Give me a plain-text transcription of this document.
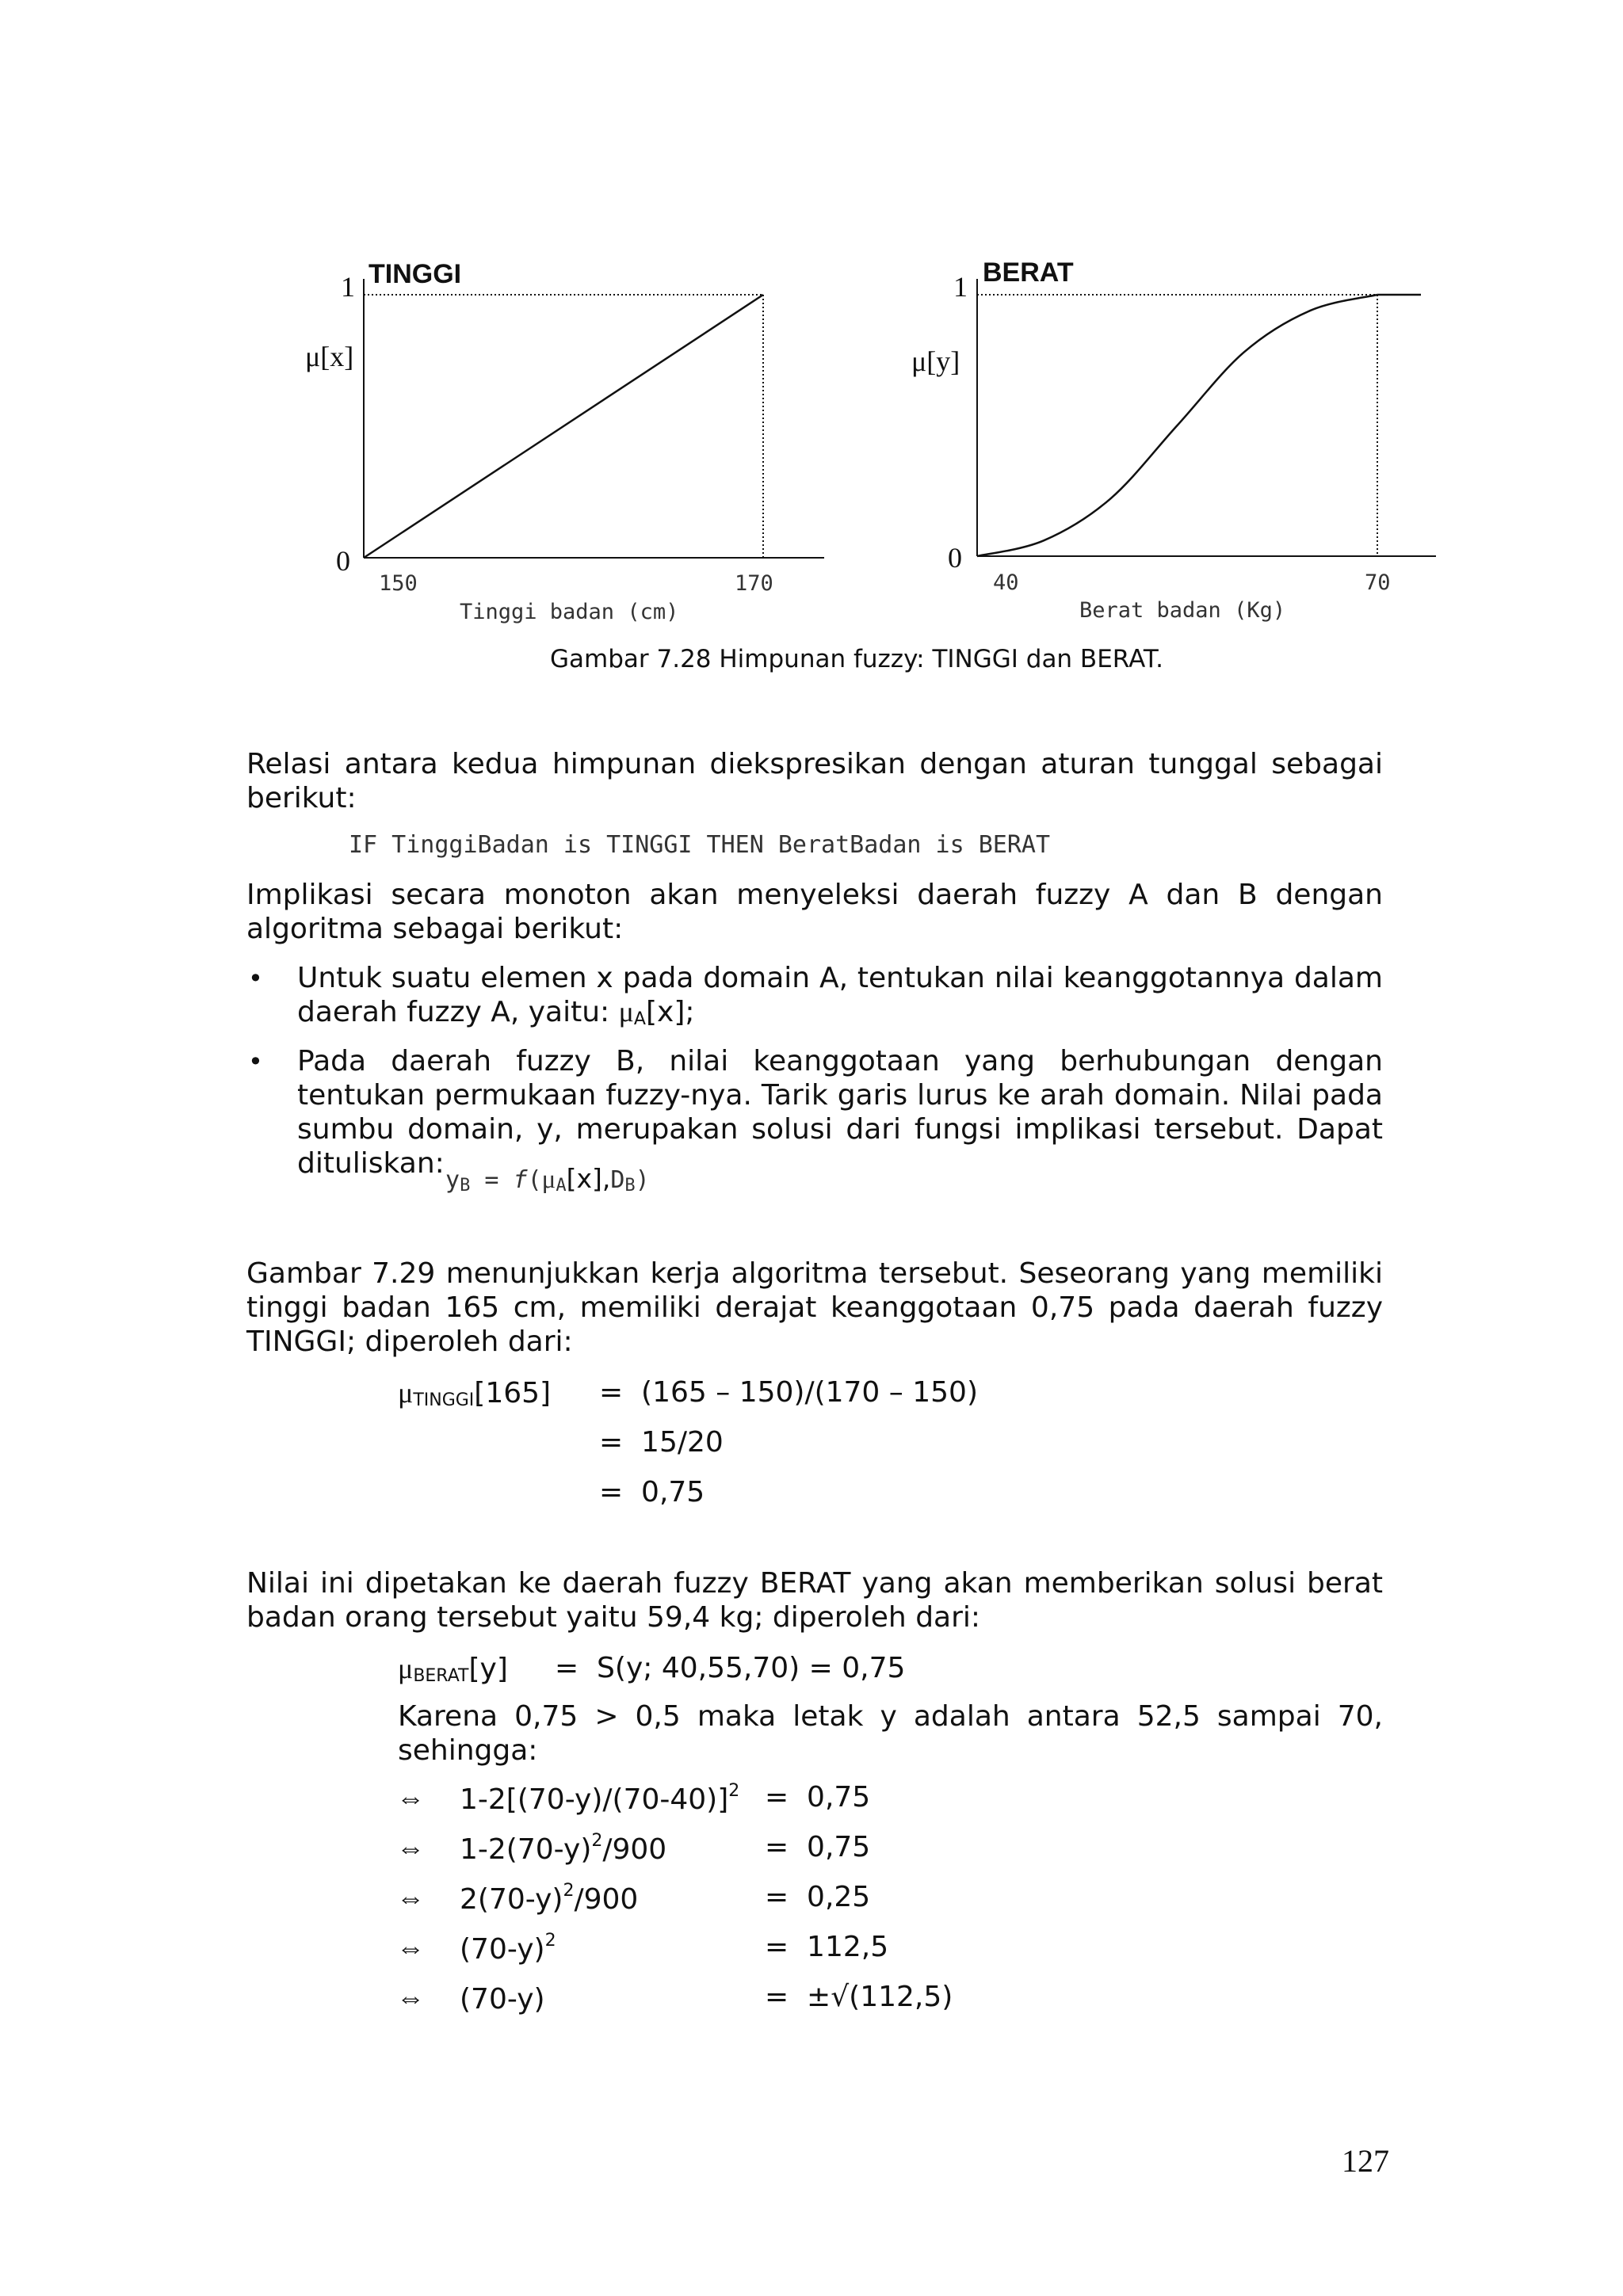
TINGGI
1
μ[x]
0
150	170
Tinggi badan (cm)
BERAT
1
μ[y]
0
40	70
Berat badan (Kg)
Gambar 7.28 Himpunan fuzzy: TINGGI dan BERAT.
Relasi antara kedua himpunan diekspresikan dengan aturan tunggal sebagai berikut:
IF TinggiBadan is TINGGI THEN BeratBadan is BERAT
Implikasi secara monoton akan menyeleksi daerah fuzzy A dan B dengan algoritma sebagai berikut:
• Untuk suatu elemen x pada domain A, tentukan nilai keanggotannya dalam daerah fuzzy A, yaitu: μA[x];
• Pada daerah fuzzy B, nilai keanggotaan yang berhubungan dengan tentukan permukaan fuzzy-nya. Tarik garis lurus ke arah domain. Nilai pada sumbu domain, y, merupakan solusi dari fungsi implikasi tersebut. Dapat dituliskan:
yB = f(μA[x],DB)
Gambar 7.29 menunjukkan kerja algoritma tersebut. Seseorang yang memiliki tinggi badan 165 cm, memiliki derajat keanggotaan 0,75 pada daerah fuzzy TINGGI; diperoleh dari:
μTINGGI[165] =  (165 – 150)/(170 – 150)
=  15/20
=  0,75
Nilai ini dipetakan ke daerah fuzzy BERAT yang akan memberikan solusi berat badan orang tersebut yaitu 59,4 kg; diperoleh dari:
μBERAT[y] =  S(y; 40,55,70) = 0,75
Karena 0,75 > 0,5 maka letak y adalah antara 52,5 sampai 70, sehingga:
⇔ $1-2[(70-y)/(70-40)]^2 = 0,75$
⇔ $1-2(70-y)^2/900$	=  0,75
⇔ $2(70-y)^2/900$	=  0,25
⇔ $(70-y)^2$	=  112,5
⇔ (70-y)	=  ±√(112,5)
127
